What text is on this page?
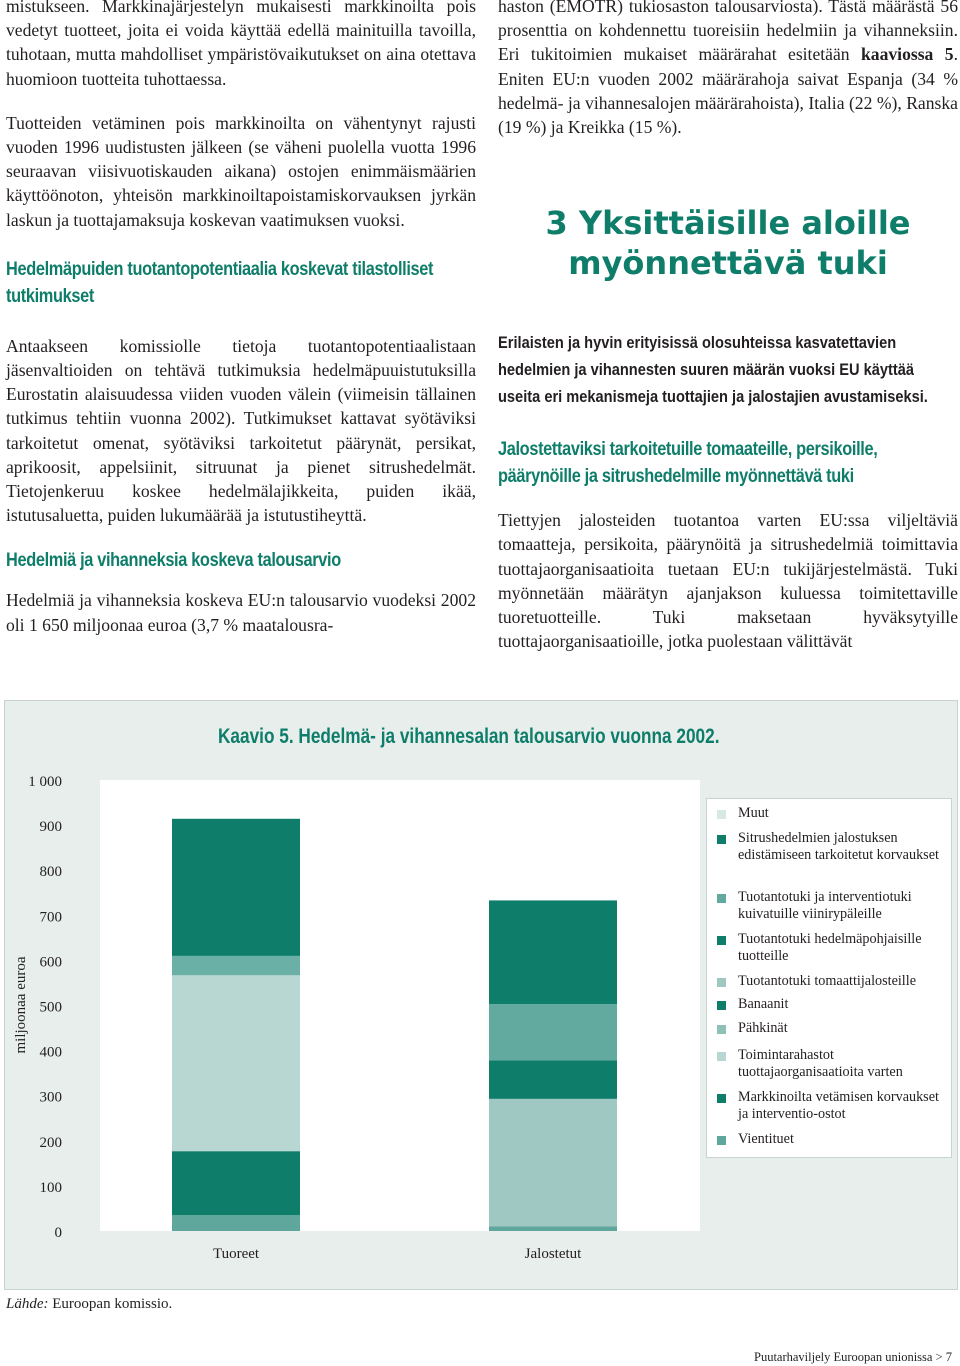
mistukseen. Markkinajärjestelyn mukaisesti markkinoilta pois vedetyt tuotteet, joita ei voida käyttää edellä mainituilla tavoilla, tuhotaan, mutta mahdolliset ympäristövaikutukset on aina otettava huomioon tuotteita tuhottaessa.

Tuotteiden vetäminen pois markkinoilta on vähentynyt rajusti vuoden 1996 uudistusten jälkeen (se väheni puolella vuotta 1996 seuraavan viisivuotiskauden aikana) ostojen enimmäismäärien käyttöönoton, yhteisön markkinoiltapoistamiskorvauksen jyrkän laskun ja tuottajamaksuja koskevan vaatimuksen vuoksi.

Hedelmäpuiden tuotantopotentiaalia koskevat tilastolliset tutkimukset

Antaakseen komissiolle tietoja tuotantopotentiaalistaan jäsenvaltioiden on tehtävä tutkimuksia hedelmäpuuistutuksilla Eurostatin alaisuudessa viiden vuoden välein (viimeisin tällainen tutkimus tehtiin vuonna 2002). Tutkimukset kattavat syötäviksi tarkoitetut omenat, syötäviksi tarkoitetut päärynät, persikat, aprikoosit, appelsiinit, sitruunat ja pienet sitrushedelmät. Tietojenkeruu koskee hedelmälajikkeita, puiden ikää, istutusaluetta, puiden lukumäärää ja istutustiheyttä.

Hedelmiä ja vihanneksia koskeva talousarvio

Hedelmiä ja vihanneksia koskeva EU:n talousarvio vuodeksi 2002 oli 1 650 miljoonaa euroa (3,7 % maatalousra-

haston (EMOTR) tukiosaston talousarviosta). Tästä määrästä 56 prosenttia on kohdennettu tuoreisiin hedelmiin ja vihanneksiin. Eri tukitoimien mukaiset määrärahat esitetään kaaviossa 5. Eniten EU:n vuoden 2002 määrärahoja saivat Espanja (34 % hedelmä- ja vihannesalojen määrärahoista), Italia (22 %), Ranska (19 %) ja Kreikka (15 %).

3 Yksittäisille aloille
myönnettävä tuki

Erilaisten ja hyvin erityisissä olosuhteissa kasvatettavien hedelmien ja vihannesten suuren määrän vuoksi EU käyttää useita eri mekanismeja tuottajien ja jalostajien avustamiseksi.

Jalostettaviksi tarkoitetuille tomaateille, persikoille, päärynöille ja sitrushedelmille myönnettävä tuki

Tiettyjen jalosteiden tuotantoa varten EU:ssa viljeltäviä tomaatteja, persikoita, päärynöitä ja sitrushedelmiä toimittavia tuottajaorganisaatioita tuetaan EU:n tukijärjestelmästä. Tuki myönnetään määrätyn ajanjakson kuluessa toimitettaville tuoretuotteille. Tuki maksetaan hyväksytyille tuottajaorganisaatioille, jotka puolestaan välittävät

Kaavio 5. Hedelmä- ja vihannesalan talousarvio vuonna 2002.
0
100
200
300
400
500
600
700
800
900
1 000
miljoonaa euroa
Tuoreet	Jalostetut
Muut
Sitrushedelmien jalostuksen edistämiseen tarkoitetut korvaukset
Tuotantotuki ja interventiotuki kuivatuille viinirypäleille
Tuotantotuki hedelmäpohjaisille tuotteille
Tuotantotuki tomaattijalosteille
Banaanit
Pähkinät
Toimintarahastot tuottajaorganisaatioita varten
Markkinoilta vetämisen korvaukset ja interventio-ostot
Vientituet

Lähde: Euroopan komissio.

Puutarhaviljely Euroopan unionissa > 7
